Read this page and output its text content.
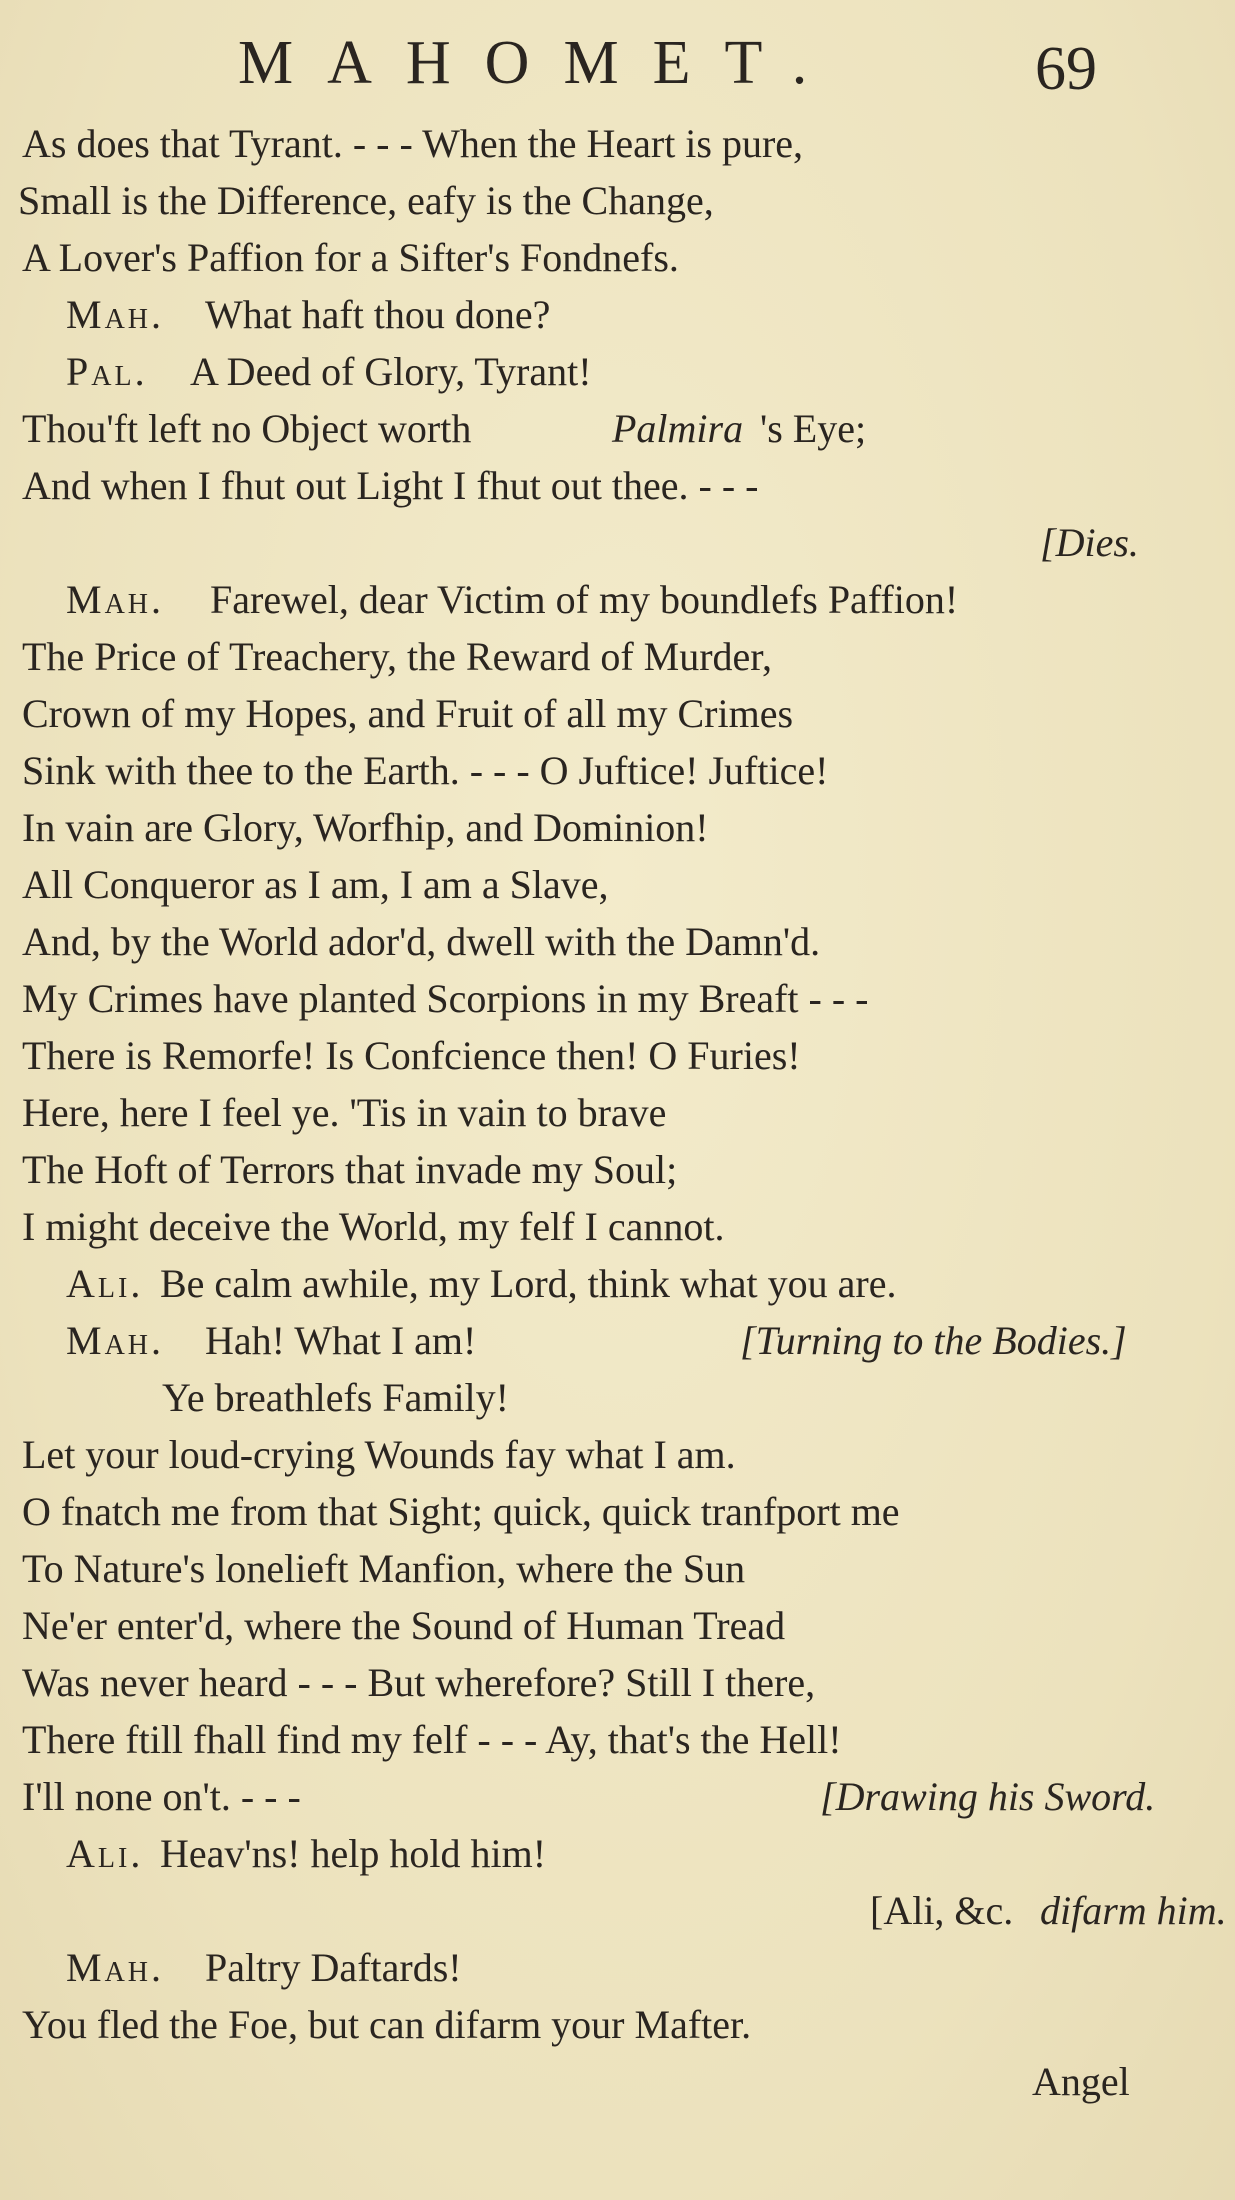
MAHOMET.	69
As does that Tyrant. - - - When the Heart is pure,
Small is the Difference, eafy is the Change,
A Lover's Paffion for a Sifter's Fondnefs.
Mah. What haft thou done?
Pal. A Deed of Glory, Tyrant!
Thou'ft left no Object worth	Palmira 's Eye;
And when I fhut out Light I fhut out thee. - - -
[Dies.
Mah. Farewel, dear Victim of my boundlefs Paffion!
The Price of Treachery, the Reward of Murder,
Crown of my Hopes, and Fruit of all my Crimes
Sink with thee to the Earth. - - - O Juftice! Juftice!
In vain are Glory, Worfhip, and Dominion!
All Conqueror as I am, I am a Slave,
And, by the World ador'd, dwell with the Damn'd.
My Crimes have planted Scorpions in my Breaft - - -
There is Remorfe! Is Confcience then! O Furies!
Here, here I feel ye. 'Tis in vain to brave
The Hoft of Terrors that invade my Soul;
I might deceive the World, my felf I cannot.
Ali. Be calm awhile, my Lord, think what you are.
Mah. Hah! What I am!	[Turning to the Bodies.]
Ye breathlefs Family!
Let your loud-crying Wounds fay what I am.
O fnatch me from that Sight; quick, quick tranfport me
To Nature's lonelieft Manfion, where the Sun
Ne'er enter'd, where the Sound of Human Tread
Was never heard - - - But wherefore? Still I there,
There ftill fhall find my felf - - - Ay, that's the Hell!
I'll none on't. - - -	[Drawing his Sword.
Ali. Heav'ns! help hold him!
[Ali, &c. difarm him.
Mah. Paltry Daftards!
You fled the Foe, but can difarm your Mafter.
Angel
